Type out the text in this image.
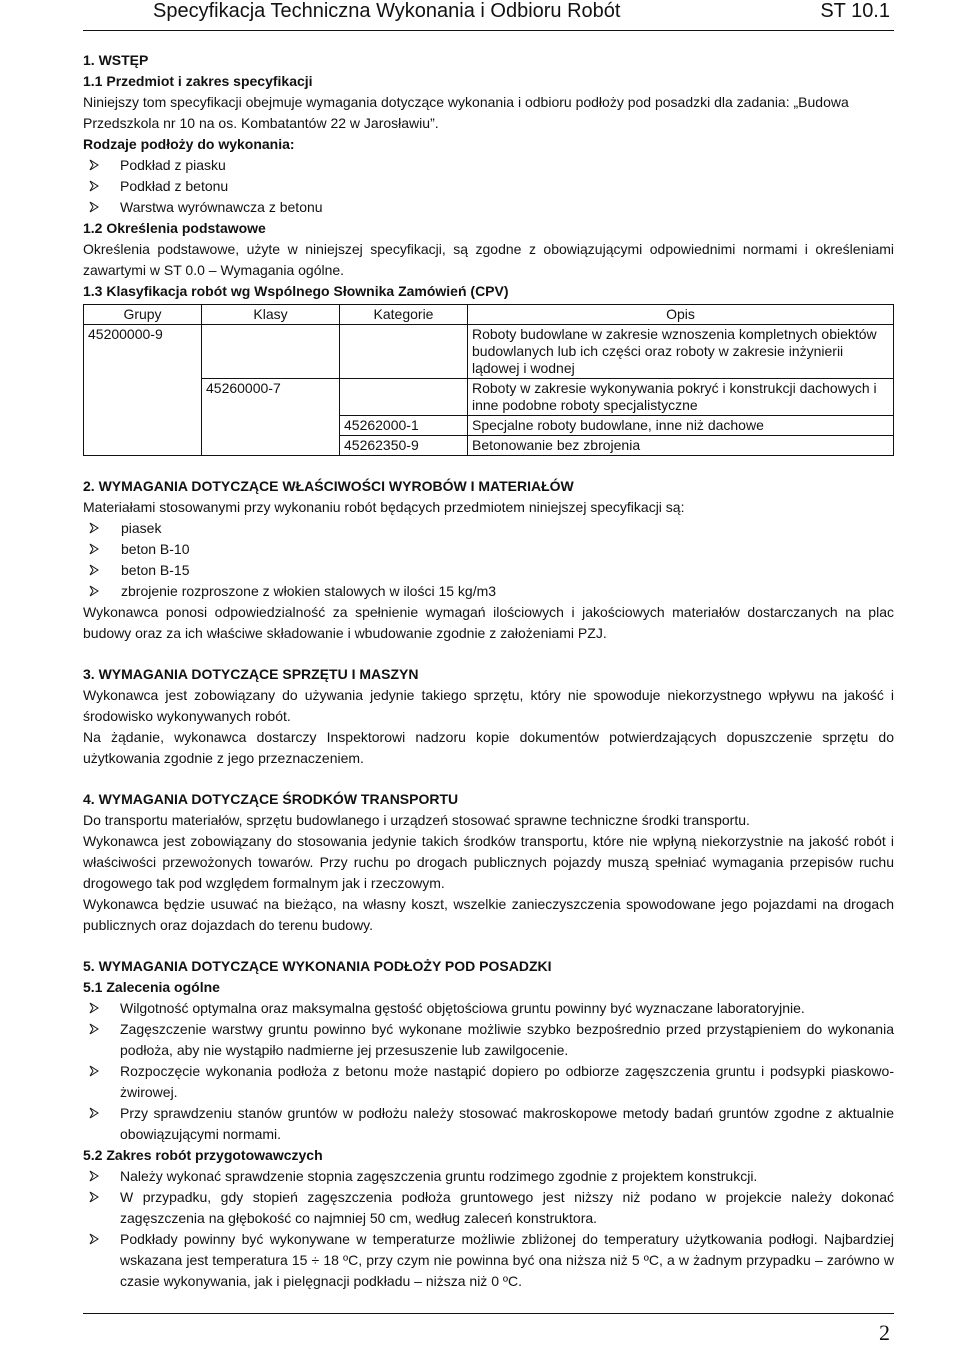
Specyfikacja Techniczna Wykonania i Odbioru Robót	ST 10.1

1. WSTĘP

1.1 Przedmiot i zakres specyfikacji

Niniejszy tom specyfikacji obejmuje wymagania dotyczące wykonania i odbioru podłoży pod posadzki dla zadania: „Budowa Przedszkola nr 10 na os. Kombatantów 22 w Jarosławiu”.

Rodzaje podłoży do wykonania:

Podkład z piasku
Podkład z betonu
Warstwa wyrównawcza z betonu

1.2 Określenia podstawowe

Określenia podstawowe, użyte w niniejszej specyfikacji, są zgodne z obowiązującymi odpowiednimi normami i określeniami zawartymi w ST 0.0 – Wymagania ogólne.

1.3 Klasyfikacja robót wg Wspólnego Słownika Zamówień (CPV)

Grupy	Klasy	Kategorie	Opis
45200000-9			Roboty budowlane w zakresie wznoszenia kompletnych obiektów budowlanych lub ich części oraz roboty w zakresie inżynierii lądowej i wodnej
	45260000-7		Roboty w zakresie wykonywania pokryć i konstrukcji dachowych i inne podobne roboty specjalistyczne
		45262000-1	Specjalne roboty budowlane, inne niż dachowe
		45262350-9	Betonowanie bez zbrojenia

2. WYMAGANIA DOTYCZĄCE WŁAŚCIWOŚCI WYROBÓW I MATERIAŁÓW

Materiałami stosowanymi przy wykonaniu robót będących przedmiotem niniejszej specyfikacji są:

piasek
beton B-10
beton B-15
zbrojenie rozproszone z włokien stalowych w ilości 15 kg/m3

Wykonawca ponosi odpowiedzialność za spełnienie wymagań ilościowych i jakościowych materiałów dostarczanych na plac budowy oraz za ich właściwe składowanie i wbudowanie zgodnie z założeniami PZJ.

3. WYMAGANIA DOTYCZĄCE SPRZĘTU I MASZYN

Wykonawca jest zobowiązany do używania jedynie takiego sprzętu, który nie spowoduje niekorzystnego wpływu na jakość i środowisko wykonywanych robót.

Na żądanie, wykonawca dostarczy Inspektorowi nadzoru kopie dokumentów potwierdzających dopuszczenie sprzętu do użytkowania zgodnie z jego przeznaczeniem.

4. WYMAGANIA DOTYCZĄCE ŚRODKÓW TRANSPORTU

Do transportu materiałów, sprzętu budowlanego i urządzeń stosować sprawne techniczne środki transportu.

Wykonawca jest zobowiązany do stosowania jedynie takich środków transportu, które nie wpłyną niekorzystnie na jakość robót i właściwości przewożonych towarów. Przy ruchu po drogach publicznych pojazdy muszą spełniać wymagania przepisów ruchu drogowego tak pod względem formalnym jak i rzeczowym.

Wykonawca będzie usuwać na bieżąco, na własny koszt, wszelkie zanieczyszczenia spowodowane jego pojazdami na drogach publicznych oraz dojazdach do terenu budowy.

5. WYMAGANIA DOTYCZĄCE WYKONANIA PODŁOŻY POD POSADZKI

5.1 Zalecenia ogólne

Wilgotność optymalna oraz maksymalna gęstość objętościowa gruntu powinny być wyznaczane laboratoryjnie.
Zagęszczenie warstwy gruntu powinno być wykonane możliwie szybko bezpośrednio przed przystąpieniem do wykonania podłoża, aby nie wystąpiło nadmierne jej przesuszenie lub zawilgocenie.
Rozpoczęcie wykonania podłoża z betonu może nastąpić dopiero po odbiorze zagęszczenia gruntu i podsypki piaskowo-żwirowej.
Przy sprawdzeniu stanów gruntów w podłożu należy stosować makroskopowe metody badań gruntów zgodne z aktualnie obowiązującymi normami.

5.2 Zakres robót przygotowawczych

Należy wykonać sprawdzenie stopnia zagęszczenia gruntu rodzimego zgodnie z projektem konstrukcji.
W przypadku, gdy stopień zagęszczenia podłoża gruntowego jest niższy niż podano w projekcie należy dokonać zagęszczenia na głębokość co najmniej 50 cm, według zaleceń konstruktora.
Podkłady powinny być wykonywane w temperaturze możliwie zbliżonej do temperatury użytkowania podłogi. Najbardziej wskazana jest temperatura 15 ÷ 18 ºC, przy czym nie powinna być ona niższa niż 5 ºC, a w żadnym przypadku – zarówno w czasie wykonywania, jak i pielęgnacji podkładu – niższa niż 0 ºC.
2
